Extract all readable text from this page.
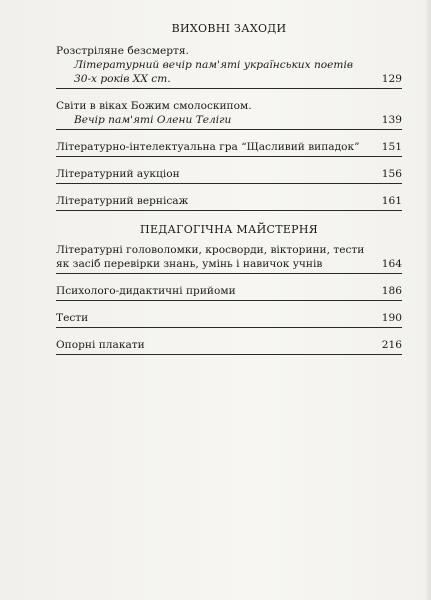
ВИХОВНІ ЗАХОДИ
Розстріляне безсмертя.
Літературний вечір пам'яті українських поетів
30-х років XX ст.	129
Світи в віках Божим смолоскипом.
Вечір пам'яті Олени Теліги	139
Літературно-інтелектуальна гра “Щасливий випадок”	151
Літературний аукціон	156
Літературний вернісаж	161
ПЕДАГОГІЧНА МАЙСТЕРНЯ
Літературні головоломки, кросворди, вікторини, тести
як засіб перевірки знань, умінь і навичок учнів	164
Психолого-дидактичні прийоми	186
Тести	190
Опорні плакати	216
